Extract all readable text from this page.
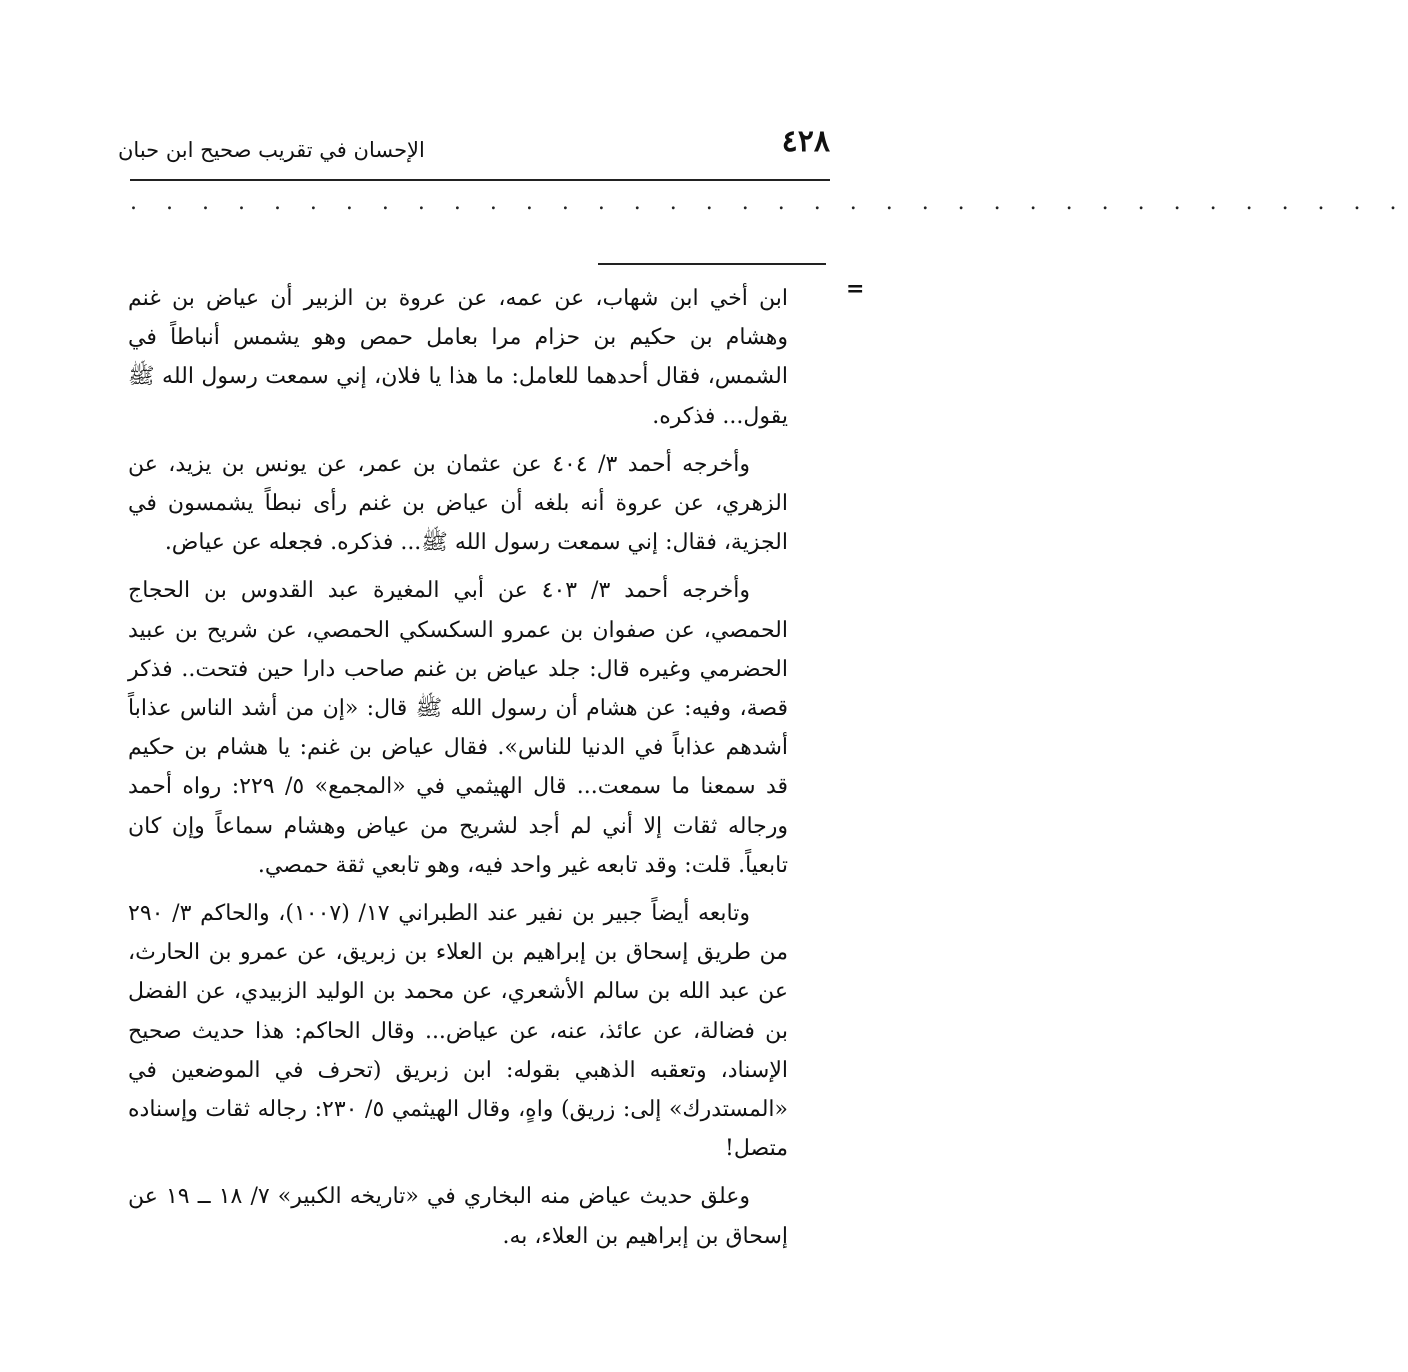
٤٢٨
الإحسان في تقريب صحيح ابن حبان
. . . . . . . . . . . . . . . . . . . . . . . . . . . . . . . . . . . .
=

ابن أخي ابن شهاب، عن عمه، عن عروة بن الزبير أن عياض بن غنم وهشام بن حكيم بن حزام مرا بعامل حمص وهو يشمس أنباطاً في الشمس، فقال أحدهما للعامل: ما هذا يا فلان، إني سمعت رسول الله ﷺ يقول... فذكره.

وأخرجه أحمد ٣/ ٤٠٤ عن عثمان بن عمر، عن يونس بن يزيد، عن الزهري، عن عروة أنه بلغه أن عياض بن غنم رأى نبطاً يشمسون في الجزية، فقال: إني سمعت رسول الله ﷺ... فذكره. فجعله عن عياض.

وأخرجه أحمد ٣/ ٤٠٣ عن أبي المغيرة عبد القدوس بن الحجاج الحمصي، عن صفوان بن عمرو السكسكي الحمصي، عن شريح بن عبيد الحضرمي وغيره قال: جلد عياض بن غنم صاحب دارا حين فتحت.. فذكر قصة، وفيه: عن هشام أن رسول الله ﷺ قال: «إن من أشد الناس عذاباً أشدهم عذاباً في الدنيا للناس». فقال عياض بن غنم: يا هشام بن حكيم قد سمعنا ما سمعت... قال الهيثمي في «المجمع» ٥/ ٢٢٩: رواه أحمد ورجاله ثقات إلا أني لم أجد لشريح من عياض وهشام سماعاً وإن كان تابعياً. قلت: وقد تابعه غير واحد فيه، وهو تابعي ثقة حمصي.

وتابعه أيضاً جبير بن نفير عند الطبراني ١٧/ (١٠٠٧)، والحاكم ٣/ ٢٩٠ من طريق إسحاق بن إبراهيم بن العلاء بن زبريق، عن عمرو بن الحارث، عن عبد الله بن سالم الأشعري، عن محمد بن الوليد الزبيدي، عن الفضل بن فضالة، عن عائذ، عنه، عن عياض... وقال الحاكم: هذا حديث صحيح الإسناد، وتعقبه الذهبي بقوله: ابن زبريق (تحرف في الموضعين في «المستدرك» إلى: زريق) واهٍ، وقال الهيثمي ٥/ ٢٣٠: رجاله ثقات وإسناده متصل!

وعلق حديث عياض منه البخاري في «تاريخه الكبير» ٧/ ١٨ ــ ١٩ عن إسحاق بن إبراهيم بن العلاء، به.
